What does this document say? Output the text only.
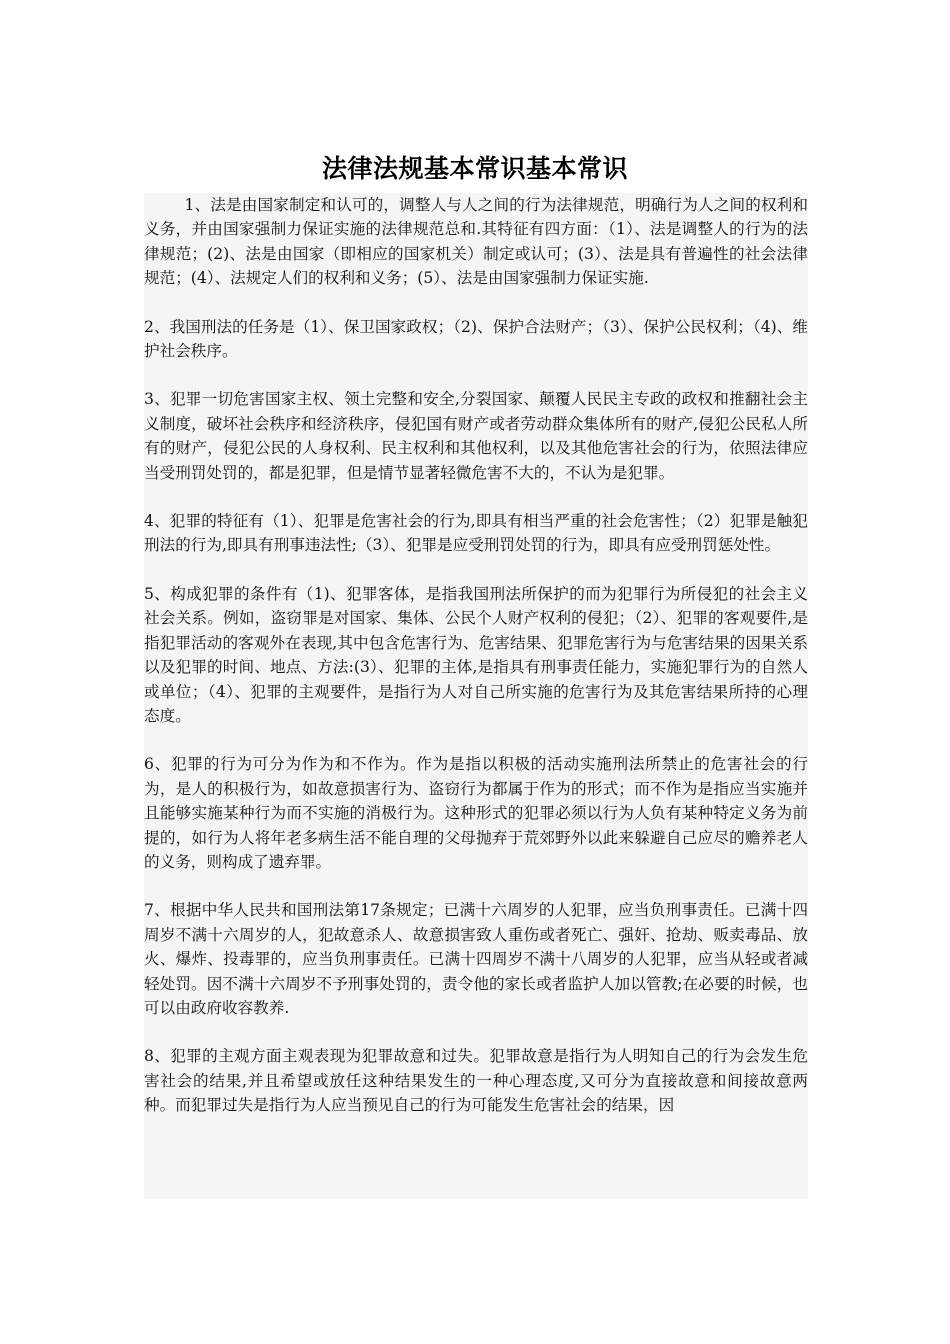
法律法规基本常识基本常识

1、法是由国家制定和认可的，调整人与人之间的行为法律规范，明确行为人之间的权利和义务，并由国家强制力保证实施的法律规范总和.其特征有四方面：（1）、法是调整人的行为的法律规范；(2)、法是由国家（即相应的国家机关）制定或认可；(3）、法是具有普遍性的社会法律规范；(4）、法规定人们的权利和义务；(5）、法是由国家强制力保证实施.

2、我国刑法的任务是（1）、保卫国家政权；（2)、保护合法财产；（3）、保护公民权利；（4)、维护社会秩序。

3、犯罪一切危害国家主权、领土完整和安全,分裂国家、颠覆人民民主专政的政权和推翻社会主义制度，破坏社会秩序和经济秩序，侵犯国有财产或者劳动群众集体所有的财产,侵犯公民私人所有的财产，侵犯公民的人身权利、民主权利和其他权利，以及其他危害社会的行为，依照法律应当受刑罚处罚的，都是犯罪，但是情节显著轻微危害不大的，不认为是犯罪。

4、犯罪的特征有（1）、犯罪是危害社会的行为,即具有相当严重的社会危害性；（2）犯罪是触犯刑法的行为,即具有刑事违法性;（3）、犯罪是应受刑罚处罚的行为，即具有应受刑罚惩处性。

5、构成犯罪的条件有（1)、犯罪客体，是指我国刑法所保护的而为犯罪行为所侵犯的社会主义社会关系。例如，盗窃罪是对国家、集体、公民个人财产权利的侵犯；（2）、犯罪的客观要件,是指犯罪活动的客观外在表现,其中包含危害行为、危害结果、犯罪危害行为与危害结果的因果关系以及犯罪的时间、地点、方法:(3）、犯罪的主体,是指具有刑事责任能力，实施犯罪行为的自然人或单位；（4）、犯罪的主观要件，是指行为人对自己所实施的危害行为及其危害结果所持的心理态度。

6、犯罪的行为可分为作为和不作为。作为是指以积极的活动实施刑法所禁止的危害社会的行为，是人的积极行为，如故意损害行为、盗窃行为都属于作为的形式；而不作为是指应当实施并且能够实施某种行为而不实施的消极行为。这种形式的犯罪必须以行为人负有某种特定义务为前提的，如行为人将年老多病生活不能自理的父母抛弃于荒郊野外以此来躲避自己应尽的赡养老人的义务，则构成了遗弃罪。

7、根据中华人民共和国刑法第17条规定；已满十六周岁的人犯罪，应当负刑事责任。已满十四周岁不满十六周岁的人，犯故意杀人、故意损害致人重伤或者死亡、强奸、抢劫、贩卖毒品、放火、爆炸、投毒罪的，应当负刑事责任。已满十四周岁不满十八周岁的人犯罪，应当从轻或者减轻处罚。因不满十六周岁不予刑事处罚的，责令他的家长或者监护人加以管教;在必要的时候，也可以由政府收容教养.

8、犯罪的主观方面主观表现为犯罪故意和过失。犯罪故意是指行为人明知自己的行为会发生危害社会的结果,并且希望或放任这种结果发生的一种心理态度,又可分为直接故意和间接故意两种。而犯罪过失是指行为人应当预见自己的行为可能发生危害社会的结果，因
